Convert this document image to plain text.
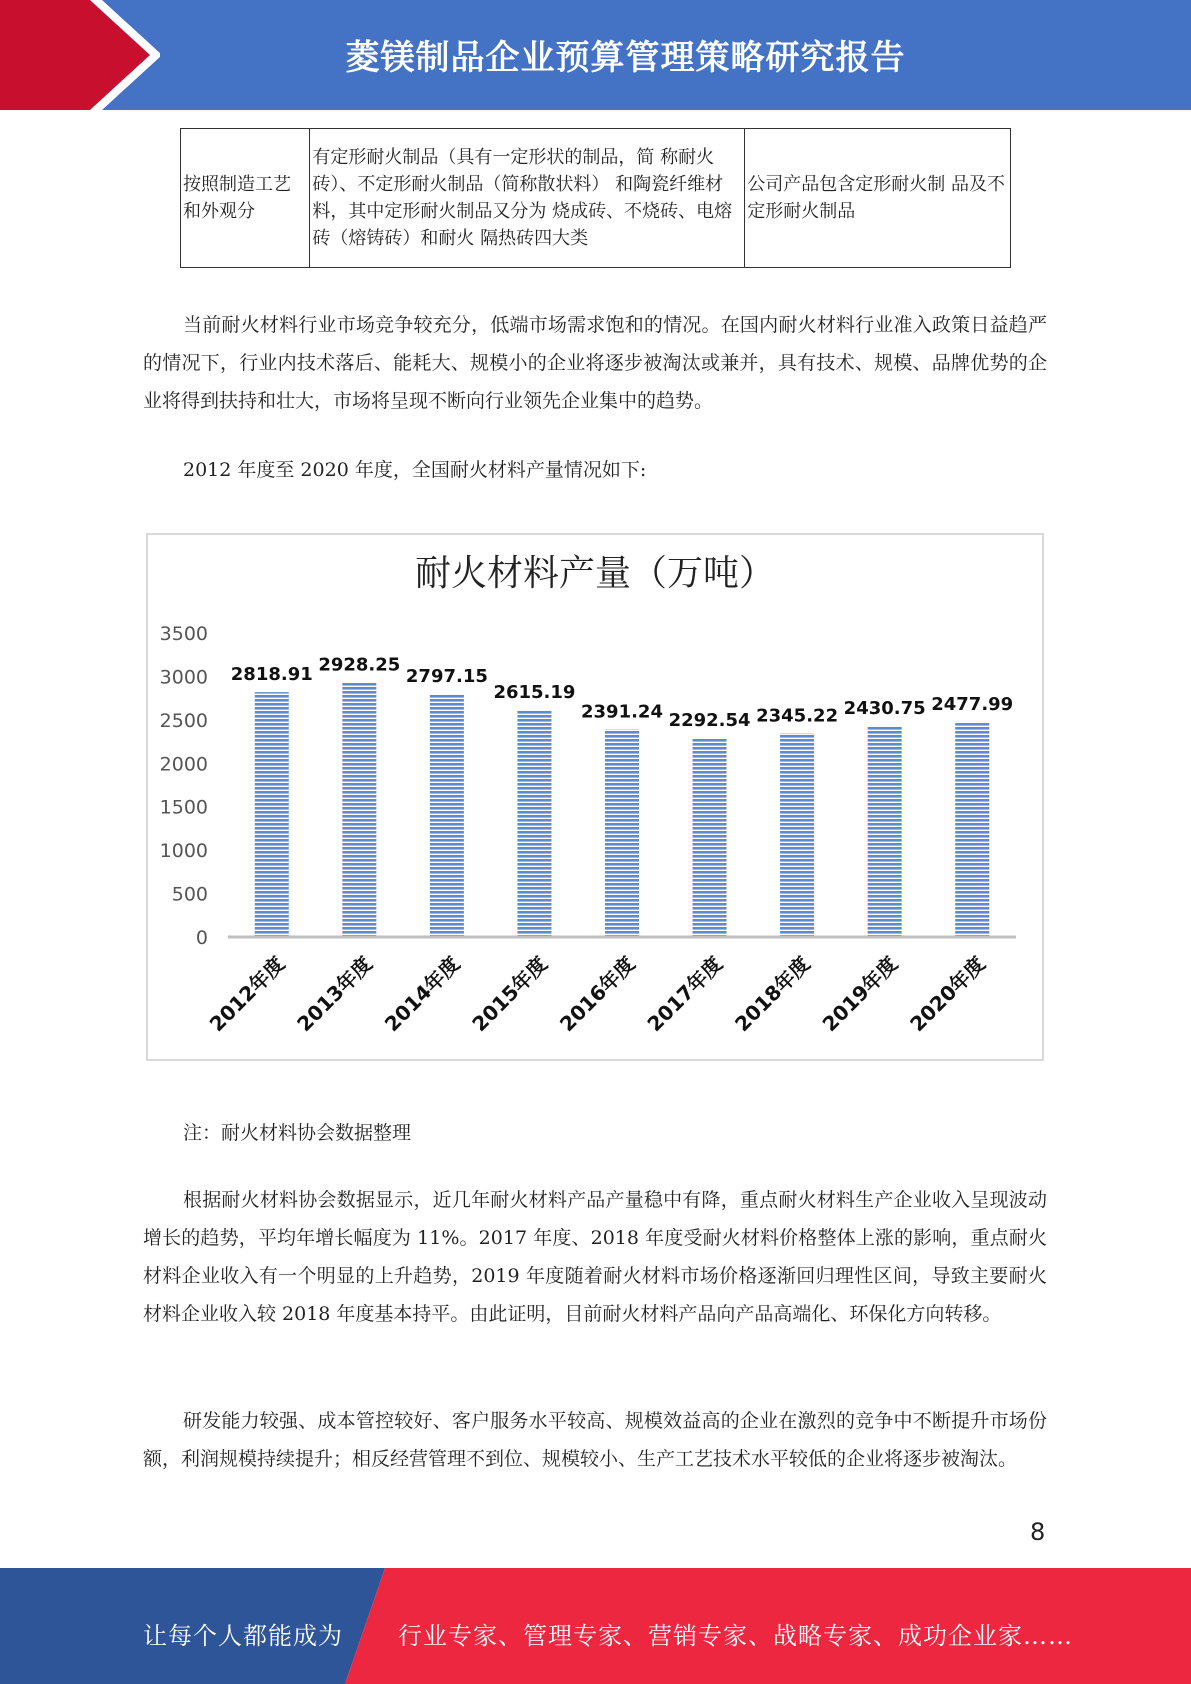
菱镁制品企业预算管理策略研究报告
按照制造工艺和外观分	有定形耐火制品（具有一定形状的制品，简 称耐火砖）、不定形耐火制品（简称散状料） 和陶瓷纤维材料，其中定形耐火制品又分为 烧成砖、不烧砖、电熔砖（熔铸砖）和耐火 隔热砖四大类	公司产品包含定形耐火制 品及不定形耐火制品

当前耐火材料行业市场竞争较充分，低端市场需求饱和的情况。在国内耐火材料行业准入政策日益趋严的情况下，行业内技术落后、能耗大、规模小的企业将逐步被淘汰或兼并，具有技术、规模、品牌优势的企业将得到扶持和壮大，市场将呈现不断向行业领先企业集中的趋势。

2012 年度至 2020 年度，全国耐火材料产量情况如下:

耐火材料产量（万吨）
0
500
1000
1500
2000
2500
3000
3500
2818.91 2928.25
2797.15
2615.19
2391.24 2292.54 2345.22 2430.75 2477.99
2012年度 2013年度 2014年度 2015年度 2016年度 2017年度 2018年度 2019年度 2020年度

注：耐火材料协会数据整理

根据耐火材料协会数据显示，近几年耐火材料产品产量稳中有降，重点耐火材料生产企业收入呈现波动增长的趋势，平均年增长幅度为 11%。2017 年度、2018 年度受耐火材料价格整体上涨的影响，重点耐火材料企业收入有一个明显的上升趋势，2019 年度随着耐火材料市场价格逐渐回归理性区间，导致主要耐火材料企业收入较 2018 年度基本持平。由此证明，目前耐火材料产品向产品高端化、环保化方向转移。

研发能力较强、成本管控较好、客户服务水平较高、规模效益高的企业在激烈的竞争中不断提升市场份额，利润规模持续提升；相反经营管理不到位、规模较小、生产工艺技术水平较低的企业将逐步被淘汰。

8
让每个人都能成为 行业专家、管理专家、营销专家、战略专家、成功企业家……
